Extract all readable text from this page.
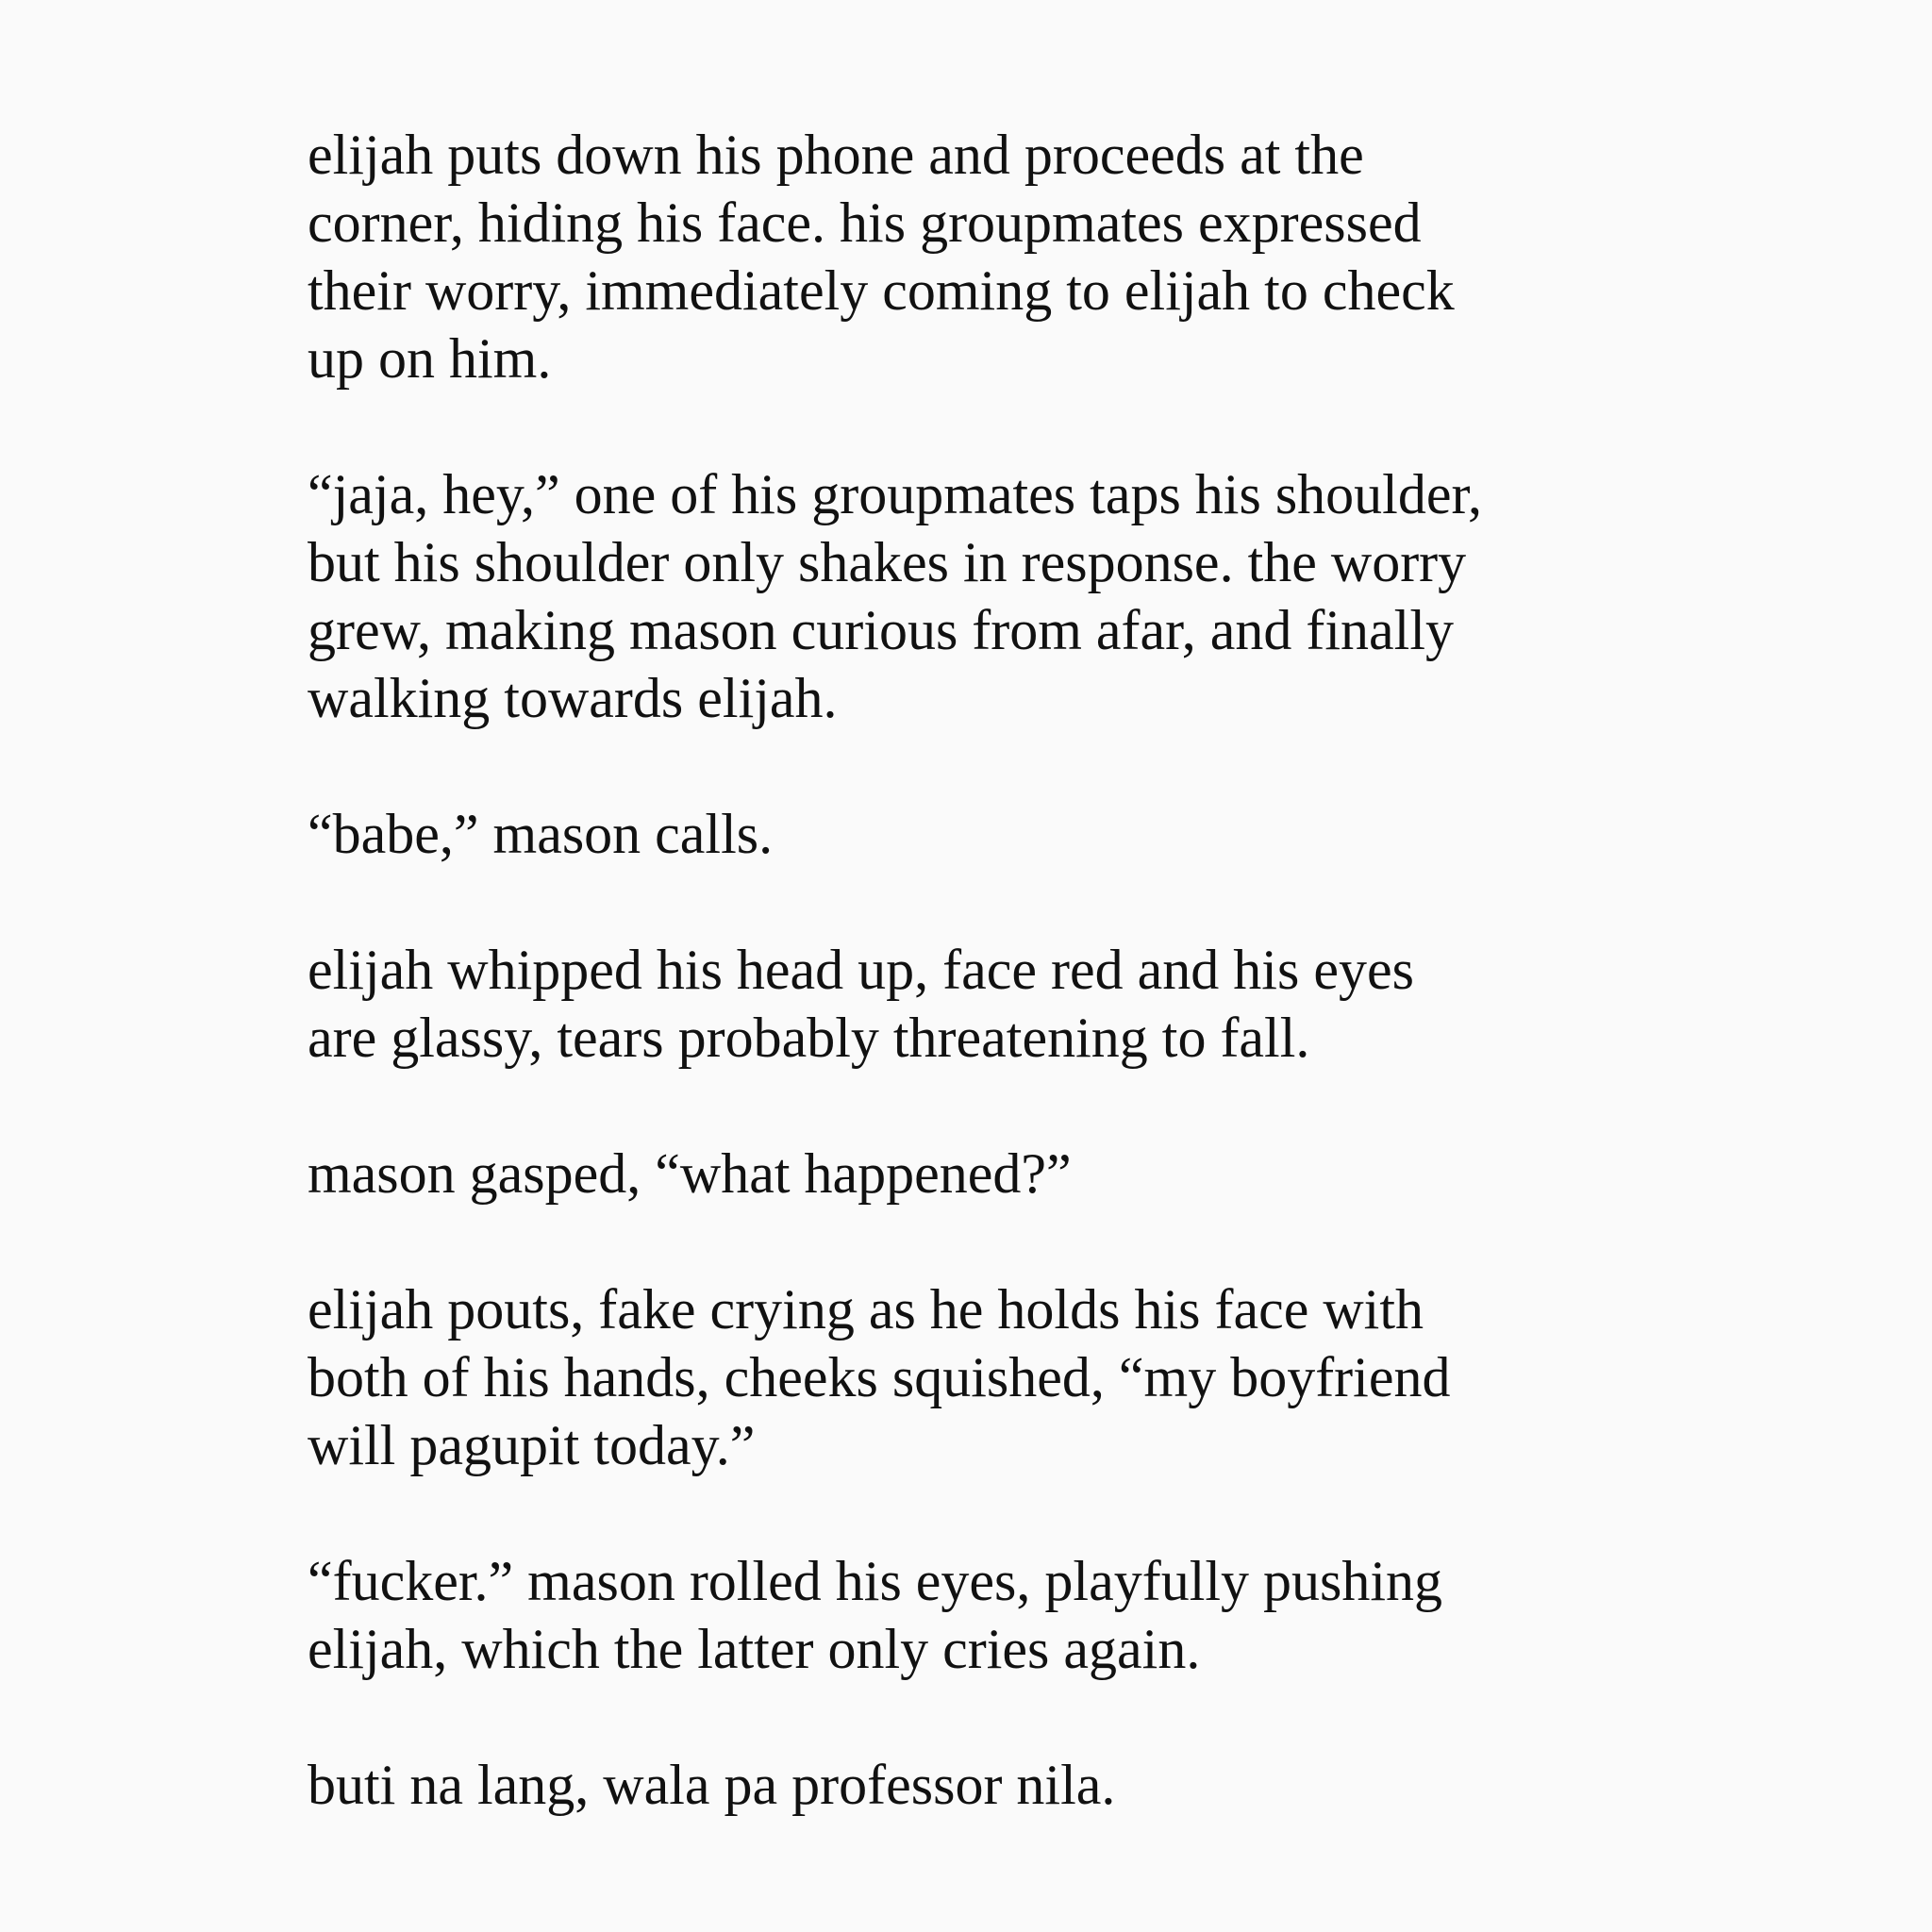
elijah puts down his phone and proceeds at the
corner, hiding his face. his groupmates expressed
their worry, immediately coming to elijah to check
up on him.

“jaja, hey,” one of his groupmates taps his shoulder,
but his shoulder only shakes in response. the worry
grew, making mason curious from afar, and finally
walking towards elijah.

“babe,” mason calls.

elijah whipped his head up, face red and his eyes
are glassy, tears probably threatening to fall.

mason gasped, “what happened?”

elijah pouts, fake crying as he holds his face with
both of his hands, cheeks squished, “my boyfriend
will pagupit today.”

“fucker.” mason rolled his eyes, playfully pushing
elijah, which the latter only cries again.

buti na lang, wala pa professor nila.
